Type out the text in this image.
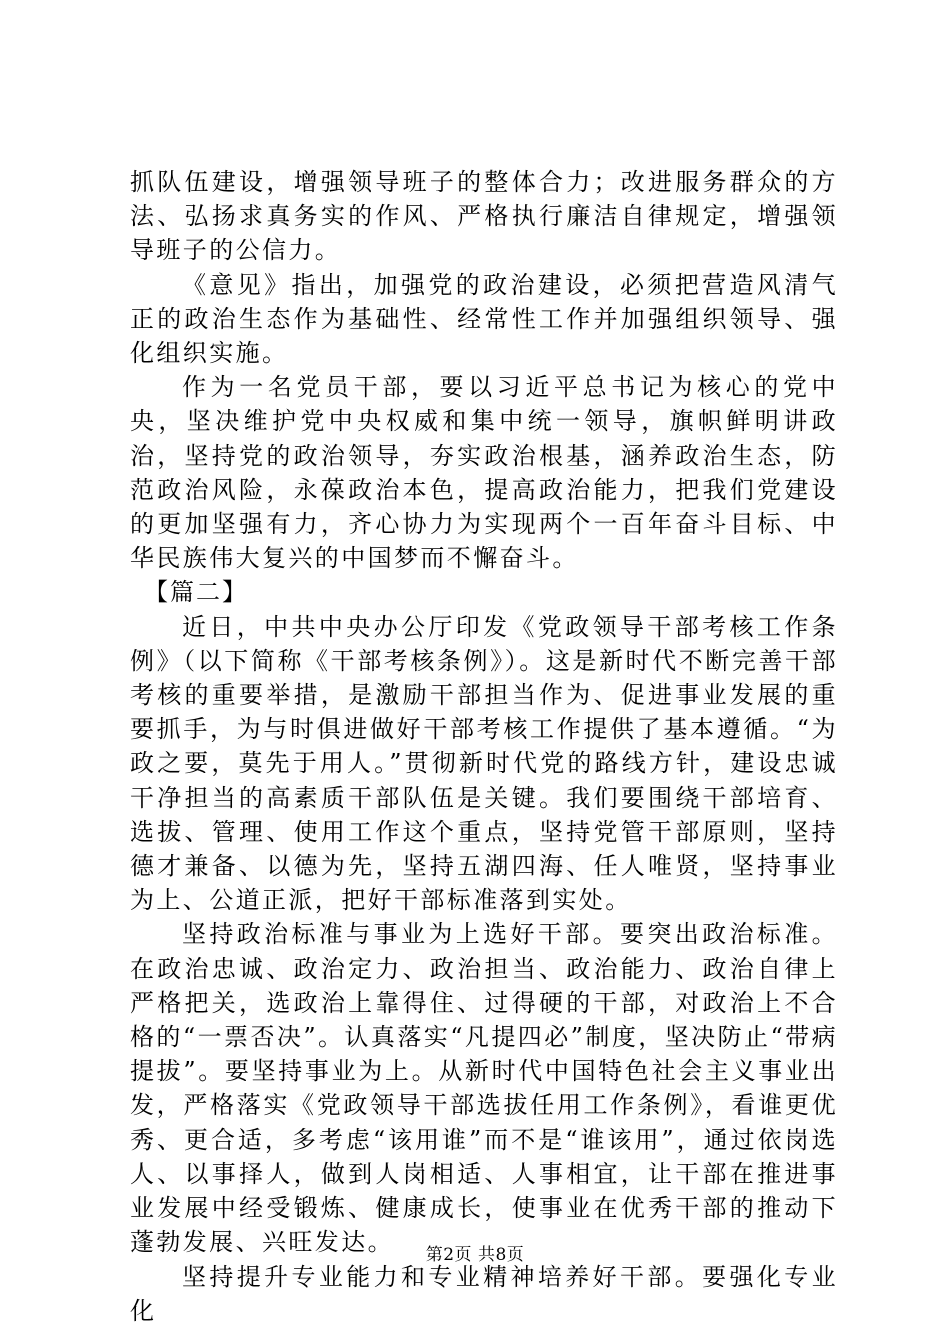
抓队伍建设，增强领导班子的整体合力；改进服务群众的方法、弘扬求真务实的作风、严格执行廉洁自律规定，增强领导班子的公信力。

《意见》指出，加强党的政治建设，必须把营造风清气正的政治生态作为基础性、经常性工作并加强组织领导、强化组织实施。

作为一名党员干部，要以习近平总书记为核心的党中央，坚决维护党中央权威和集中统一领导，旗帜鲜明讲政治，坚持党的政治领导，夯实政治根基，涵养政治生态，防范政治风险，永葆政治本色，提高政治能力，把我们党建设的更加坚强有力，齐心协力为实现两个一百年奋斗目标、中华民族伟大复兴的中国梦而不懈奋斗。

【篇二】

近日，中共中央办公厅印发《党政领导干部考核工作条例》（以下简称《干部考核条例》）。这是新时代不断完善干部考核的重要举措，是激励干部担当作为、促进事业发展的重要抓手，为与时俱进做好干部考核工作提供了基本遵循。“为政之要，莫先于用人。”贯彻新时代党的路线方针，建设忠诚干净担当的高素质干部队伍是关键。我们要围绕干部培育、选拔、管理、使用工作这个重点，坚持党管干部原则，坚持德才兼备、以德为先，坚持五湖四海、任人唯贤，坚持事业为上、公道正派，把好干部标准落到实处。

坚持政治标准与事业为上选好干部。要突出政治标准。在政治忠诚、政治定力、政治担当、政治能力、政治自律上严格把关，选政治上靠得住、过得硬的干部，对政治上不合格的“一票否决”。认真落实“凡提四必”制度，坚决防止“带病提拔”。要坚持事业为上。从新时代中国特色社会主义事业出发，严格落实《党政领导干部选拔任用工作条例》，看谁更优秀、更合适，多考虑“该用谁”而不是“谁该用”，通过依岗选人、以事择人，做到人岗相适、人事相宜，让干部在推进事业发展中经受锻炼、健康成长，使事业在优秀干部的推动下蓬勃发展、兴旺发达。

坚持提升专业能力和专业精神培养好干部。要强化专业化

第2页 共8页
